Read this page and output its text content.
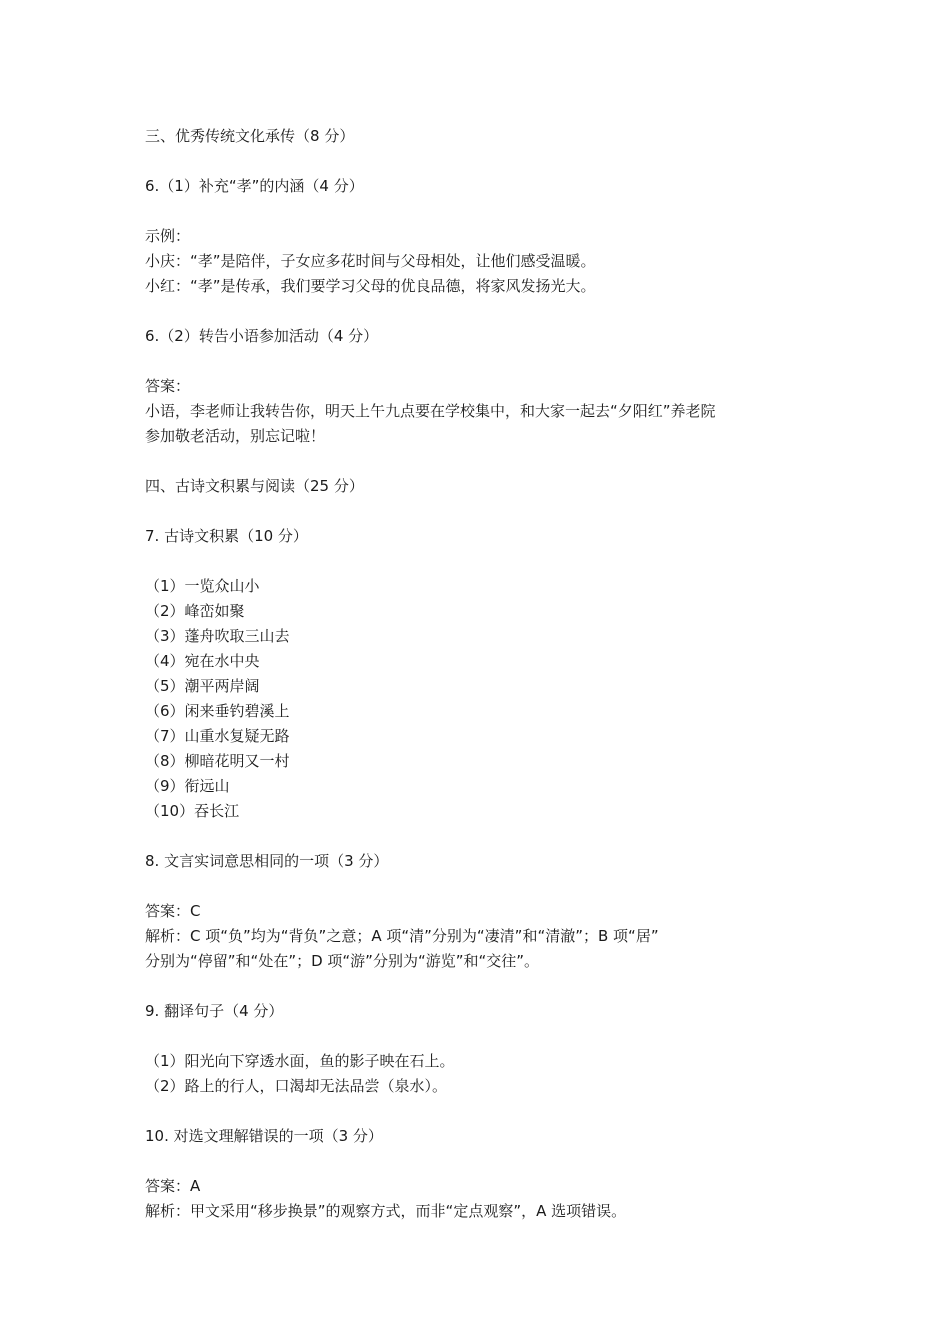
三、优秀传统文化承传（8 分）

6.（1）补充“孝”的内涵（4 分）

示例：

小庆：“孝”是陪伴，子女应多花时间与父母相处，让他们感受温暖。

小红：“孝”是传承，我们要学习父母的优良品德，将家风发扬光大。

6.（2）转告小语参加活动（4 分）

答案：

小语，李老师让我转告你，明天上午九点要在学校集中，和大家一起去“夕阳红”养老院

参加敬老活动，别忘记啦！

四、古诗文积累与阅读（25 分）

7. 古诗文积累（10 分）

（1）一览众山小

（2）峰峦如聚

（3）蓬舟吹取三山去

（4）宛在水中央

（5）潮平两岸阔

（6）闲来垂钓碧溪上

（7）山重水复疑无路

（8）柳暗花明又一村

（9）衔远山

（10）吞长江

8. 文言实词意思相同的一项（3 分）

答案：C

解析：C 项“负”均为“背负”之意；A 项“清”分别为“凄清”和“清澈”；B 项“居”

分别为“停留”和“处在”；D 项“游”分别为“游览”和“交往”。

9. 翻译句子（4 分）

（1）阳光向下穿透水面，鱼的影子映在石上。

（2）路上的行人，口渴却无法品尝（泉水）。

10. 对选文理解错误的一项（3 分）

答案：A

解析：甲文采用“移步换景”的观察方式，而非“定点观察”，A 选项错误。
